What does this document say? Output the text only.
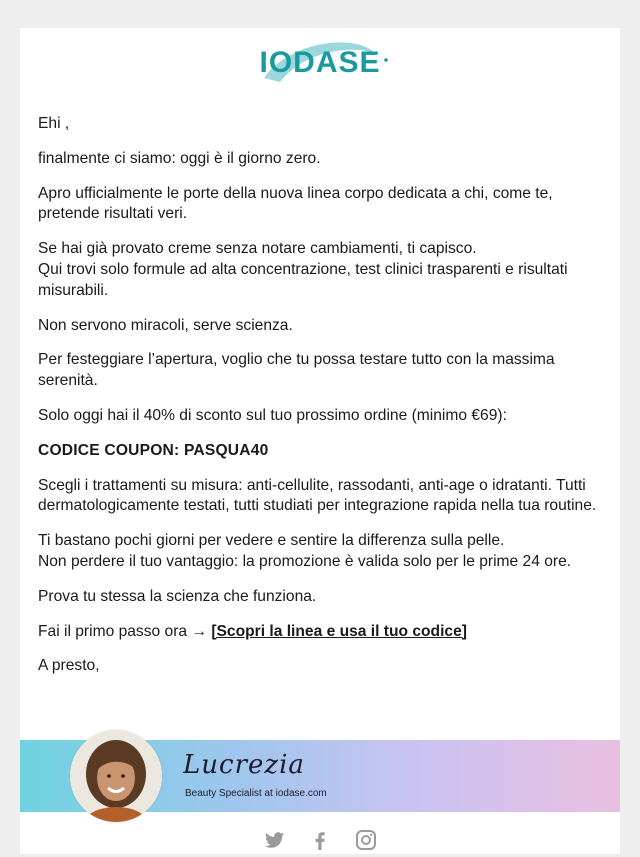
IODASE

Ehi ,

finalmente ci siamo: oggi è il giorno zero.

Apro ufficialmente le porte della nuova linea corpo dedicata a chi, come te, pretende risultati veri.

Se hai già provato creme senza notare cambiamenti, ti capisco.
Qui trovi solo formule ad alta concentrazione, test clinici trasparenti e risultati misurabili.

Non servono miracoli, serve scienza.

Per festeggiare l’apertura, voglio che tu possa testare tutto con la massima serenità.

Solo oggi hai il 40% di sconto sul tuo prossimo ordine (minimo €69):

CODICE COUPON: PASQUA40

Scegli i trattamenti su misura: anti-cellulite, rassodanti, anti-age o idratanti. Tutti dermatologicamente testati, tutti studiati per integrazione rapida nella tua routine.

Ti bastano pochi giorni per vedere e sentire la differenza sulla pelle.
Non perdere il tuo vantaggio: la promozione è valida solo per le prime 24 ore.

Prova tu stessa la scienza che funziona.

Fai il primo passo ora → [Scopri la linea e usa il tuo codice]

A presto,

Lucrezia
Beauty Specialist at iodase.com
